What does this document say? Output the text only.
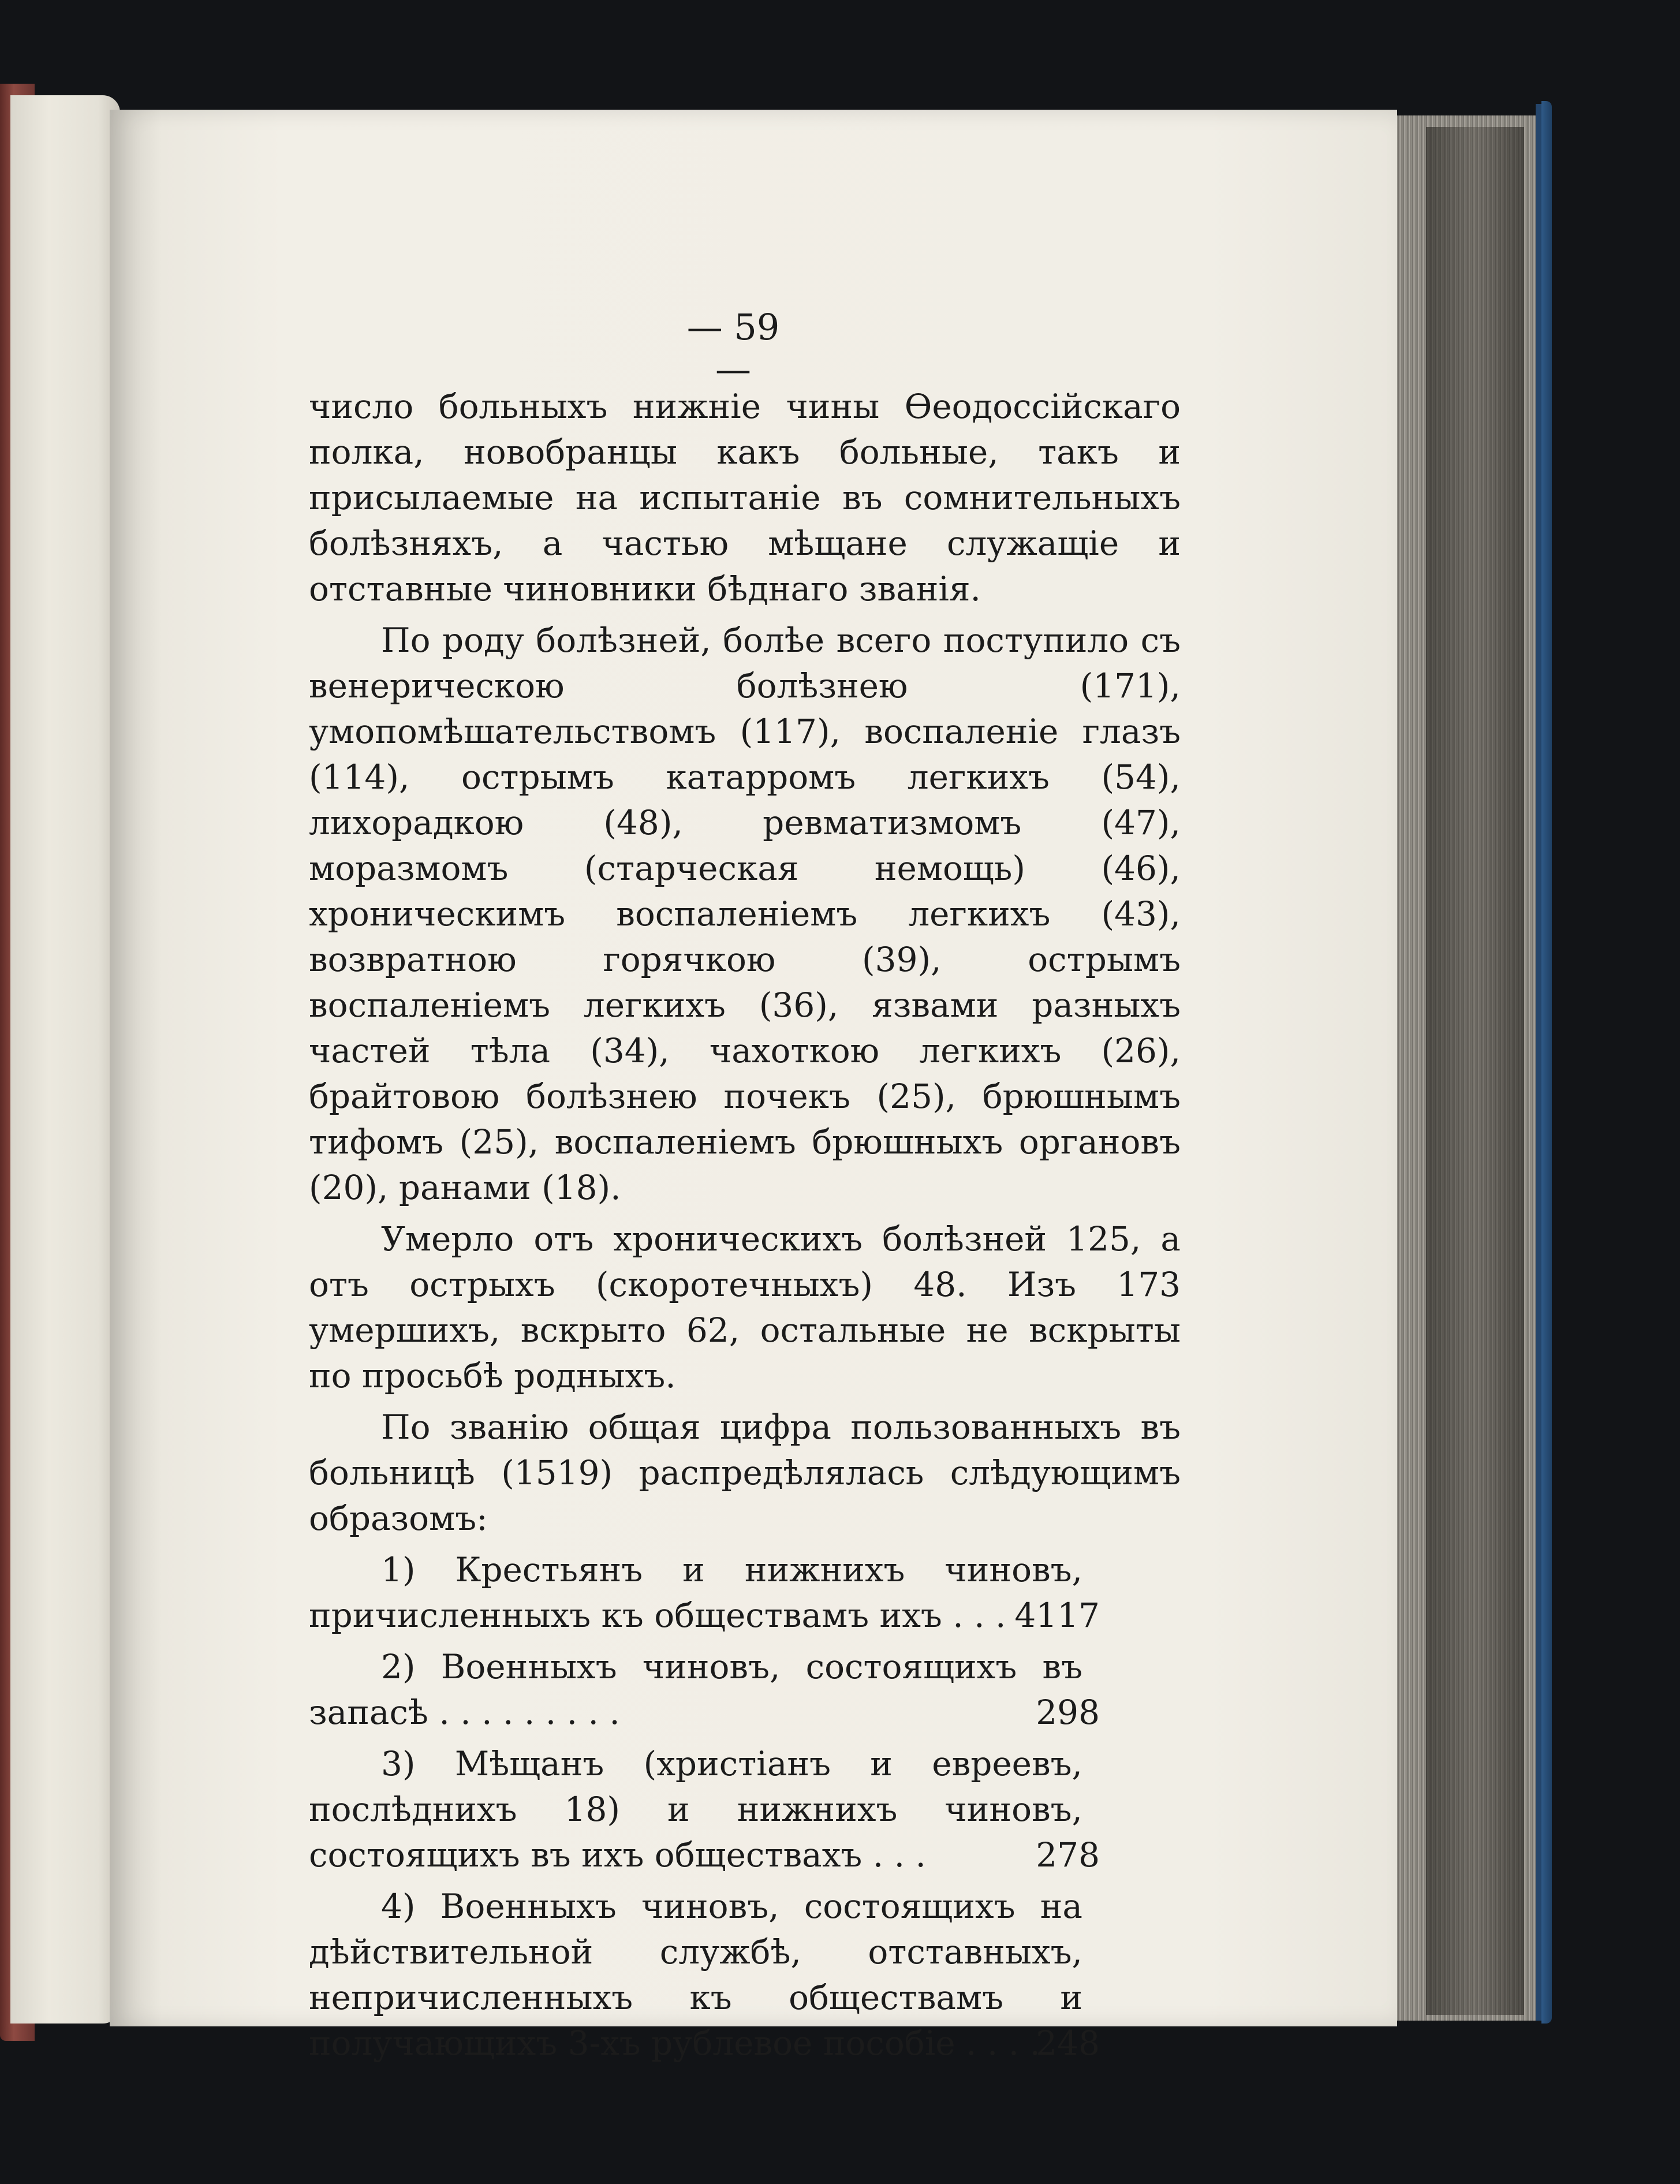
— 59 —

число больныхъ нижніе чины Ѳеодоссійскаго полка, новобранцы какъ больные, такъ и присылаемые на испытаніе въ сомнительныхъ болѣзняхъ, а частью мѣщане служащіе и отставные чиновники бѣднаго званія.

По роду болѣзней, болѣе всего поступило съ венерическою болѣзнею (171), умопомѣшательствомъ (117), воспаленіе глазъ (114), острымъ катарромъ легкихъ (54), лихорадкою (48), ревматизмомъ (47), моразмомъ (старческая немощь) (46), хроническимъ воспаленіемъ легкихъ (43), возвратною горячкою (39), острымъ воспаленіемъ легкихъ (36), язвами разныхъ частей тѣла (34), чахоткою легкихъ (26), брайтовою болѣзнею почекъ (25), брюшнымъ тифомъ (25), воспаленіемъ брюшныхъ органовъ (20), ранами (18).

Умерло отъ хроническихъ болѣзней 125, а отъ острыхъ (скоротечныхъ) 48. Изъ 173 умершихъ, вскрыто 62, остальные не вскрыты по просьбѣ родныхъ.

По званію общая цифра пользованныхъ въ больницѣ (1519) распредѣлялась слѣдующимъ образомъ:

1) Крестьянъ и нижнихъ чиновъ, причисленныхъ къ обществамъ ихъ . . . 4117
2) Военныхъ чиновъ, состоящихъ въ запасѣ . . . . . . . . .	298
3) Мѣщанъ (христіанъ и евреевъ, послѣднихъ 18) и нижнихъ чиновъ, состоящихъ въ ихъ обществахъ . . .	278
4) Военныхъ чиновъ, состоящихъ на дѣйствительной службѣ, отставныхъ, непричисленныхъ къ обществамъ и получающихъ 3-хъ рублевое пособіе . . . .
248
